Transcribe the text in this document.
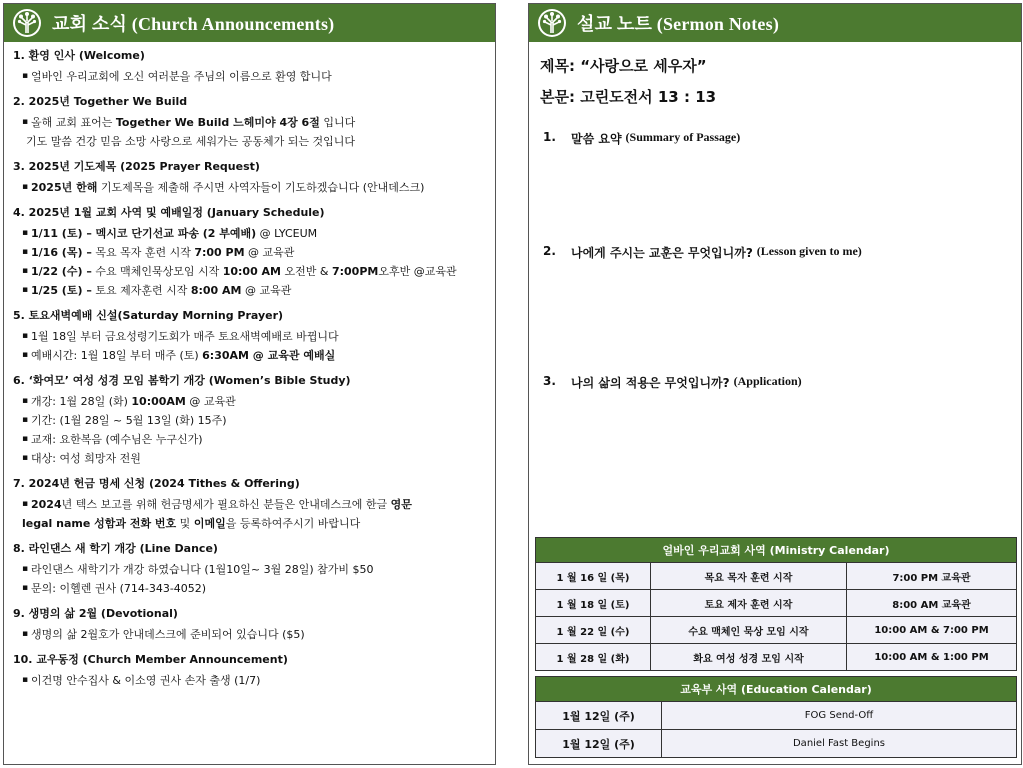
교회 소식 (Church Announcements)
1. 환영 인사 (Welcome)
▪ 얼바인 우리교회에 오신 여러분을 주님의 이름으로 환영 합니다
2. 2025년 Together We Build
▪ 올해 교회 표어는 Together We Build 느헤미야 4장 6절 입니다
기도 말씀 건강 믿음 소망 사랑으로 세워가는 공동체가 되는 것입니다
3. 2025년 기도제목 (2025 Prayer Request)
▪ 2025년 한해 기도제목을 제출해 주시면 사역자들이 기도하겠습니다 (안내데스크)
4. 2025년 1월 교회 사역 및 예배일정 (January Schedule)
▪ 1/11 (토) – 멕시코 단기선교 파송 (2 부예배) @ LYCEUM
▪ 1/16 (목) – 목요 목자 훈련 시작 7:00 PM @ 교육관
▪ 1/22 (수) – 수요 맥체인묵상모임 시작 10:00 AM 오전반 & 7:00PM오후반 @교육관
▪ 1/25 (토) – 토요 제자훈련 시작 8:00 AM @ 교육관
5. 토요새벽예배 신설(Saturday Morning Prayer)
▪ 1월 18일 부터 금요성령기도회가 매주 토요새벽예배로 바뀝니다
▪ 예배시간: 1월 18일 부터 매주 (토) 6:30AM @ 교육관 예배실
6. ‘화여모’ 여성 성경 모임 봄학기 개강 (Women’s Bible Study)
▪ 개강: 1월 28일 (화) 10:00AM @ 교육관
▪ 기간: (1월 28일 ~ 5월 13일 (화) 15주)
▪ 교재: 요한복음 (예수님은 누구신가)
▪ 대상: 여성 희망자 전원
7. 2024년 헌금 명세 신청 (2024 Tithes & Offering)
▪ 2024년 텍스 보고를 위해 헌금명세가 필요하신 분들은 안내데스크에 한글 영문
legal name 성함과 전화 번호 및 이메일을 등록하여주시기 바랍니다
8. 라인댄스 새 학기 개강 (Line Dance)
▪ 라인댄스 새학기가 개강 하였습니다 (1월10일~ 3월 28일) 참가비 $50
▪ 문의: 이헬렌 권사 (714-343-4052)
9. 생명의 삶 2월 (Devotional)
▪ 생명의 삶 2월호가 안내데스크에 준비되어 있습니다 ($5)
10. 교우동정 (Church Member Announcement)
▪ 이건명 안수집사 & 이소영 권사 손자 출생 (1/7)
설교 노트 (Sermon Notes)
제목: “사랑으로 세우자”
본문: 고린도전서 13 : 13
1.	말씀 요약 (Summary of Passage)
2.	나에게 주시는 교훈은 무엇입니까? (Lesson given to me)
3.	나의 삶의 적용은 무엇입니까? (Application)
얼바인 우리교회 사역 (Ministry Calendar)		
1 월 16 일 (목)	목요 목자 훈련 시작	7:00 PM 교육관
1 월 18 일 (토)	토요 제자 훈련 시작	8:00 AM 교육관
1 월 22 일 (수)	수요 맥체인 묵상 모임 시작	10:00 AM & 7:00 PM
1 월 28 일 (화)	화요 여성 성경 모임 시작	10:00 AM & 1:00 PM
교육부 사역 (Education Calendar)	
1월 12일 (주)	FOG Send-Off
1월 12일 (주)	Daniel Fast Begins
